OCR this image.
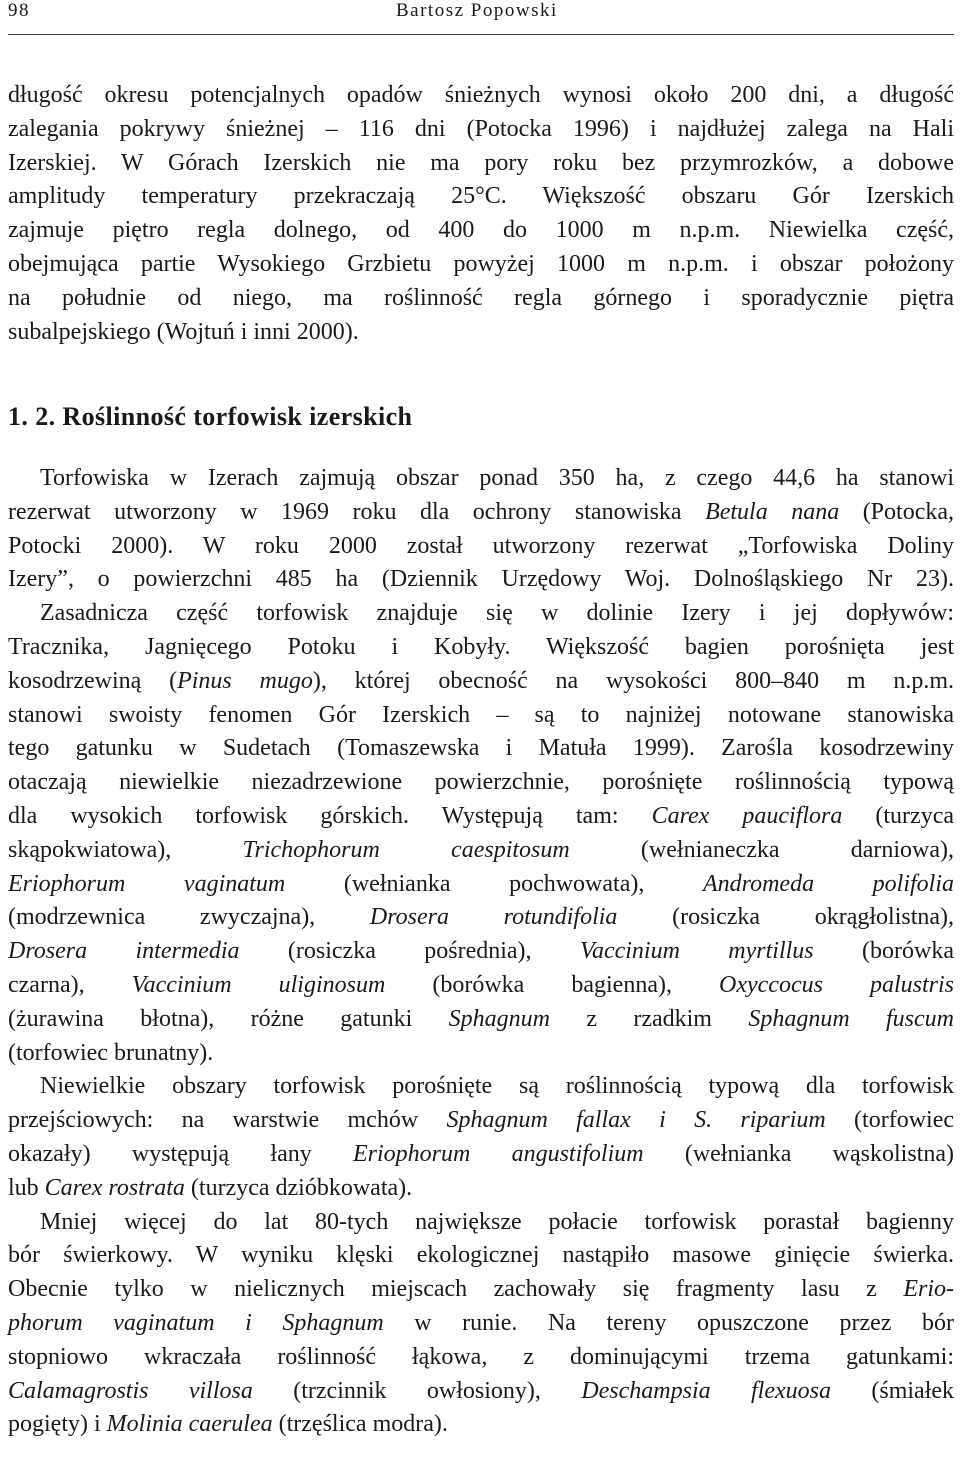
98	Bartosz Popowski
długość okresu potencjalnych opadów śnieżnych wynosi około 200 dni, a długość
zalegania pokrywy śnieżnej – 116 dni (Potocka 1996) i najdłużej zalega na Hali
Izerskiej. W Górach Izerskich nie ma pory roku bez przymrozków, a dobowe
amplitudy temperatury przekraczają 25°C. Większość obszaru Gór Izerskich
zajmuje piętro regla dolnego, od 400 do 1000 m n.p.m. Niewielka część,
obejmująca partie Wysokiego Grzbietu powyżej 1000 m n.p.m. i obszar położony
na południe od niego, ma roślinność regla górnego i sporadycznie piętra
subalpejskiego (Wojtuń i inni 2000).
1. 2. Roślinność torfowisk izerskich
Torfowiska w Izerach zajmują obszar ponad 350 ha, z czego 44,6 ha stanowi
rezerwat utworzony w 1969 roku dla ochrony stanowiska Betula nana (Potocka,
Potocki 2000). W roku 2000 został utworzony rezerwat „Torfowiska Doliny
Izery”, o powierzchni 485 ha (Dziennik Urzędowy Woj. Dolnośląskiego Nr 23).
Zasadnicza część torfowisk znajduje się w dolinie Izery i jej dopływów:
Tracznika, Jagnięcego Potoku i Kobyły. Większość bagien porośnięta jest
kosodrzewiną (Pinus mugo), której obecność na wysokości 800–840 m n.p.m.
stanowi swoisty fenomen Gór Izerskich – są to najniżej notowane stanowiska
tego gatunku w Sudetach (Tomaszewska i Matuła 1999). Zarośla kosodrzewiny
otaczają niewielkie niezadrzewione powierzchnie, porośnięte roślinnością typową
dla wysokich torfowisk górskich. Występują tam: Carex pauciflora (turzyca
skąpokwiatowa), Trichophorum caespitosum (wełnianeczka darniowa),
Eriophorum vaginatum (wełnianka pochwowata), Andromeda polifolia
(modrzewnica zwyczajna), Drosera rotundifolia (rosiczka okrągłolistna),
Drosera intermedia (rosiczka pośrednia), Vaccinium myrtillus (borówka
czarna), Vaccinium uliginosum (borówka bagienna), Oxyccocus palustris
(żurawina błotna), różne gatunki Sphagnum z rzadkim Sphagnum fuscum
(torfowiec brunatny).
Niewielkie obszary torfowisk porośnięte są roślinnością typową dla torfowisk
przejściowych: na warstwie mchów Sphagnum fallax i S. riparium (torfowiec
okazały) występują łany Eriophorum angustifolium (wełnianka wąskolistna)
lub Carex rostrata (turzyca dzióbkowata).
Mniej więcej do lat 80-tych największe połacie torfowisk porastał bagienny
bór świerkowy. W wyniku klęski ekologicznej nastąpiło masowe ginięcie świerka.
Obecnie tylko w nielicznych miejscach zachowały się fragmenty lasu z Erio-
phorum vaginatum i Sphagnum w runie. Na tereny opuszczone przez bór
stopniowo wkraczała roślinność łąkowa, z dominującymi trzema gatunkami:
Calamagrostis villosa (trzcinnik owłosiony), Deschampsia flexuosa (śmiałek
pogięty) i Molinia caerulea (trzęślica modra).
